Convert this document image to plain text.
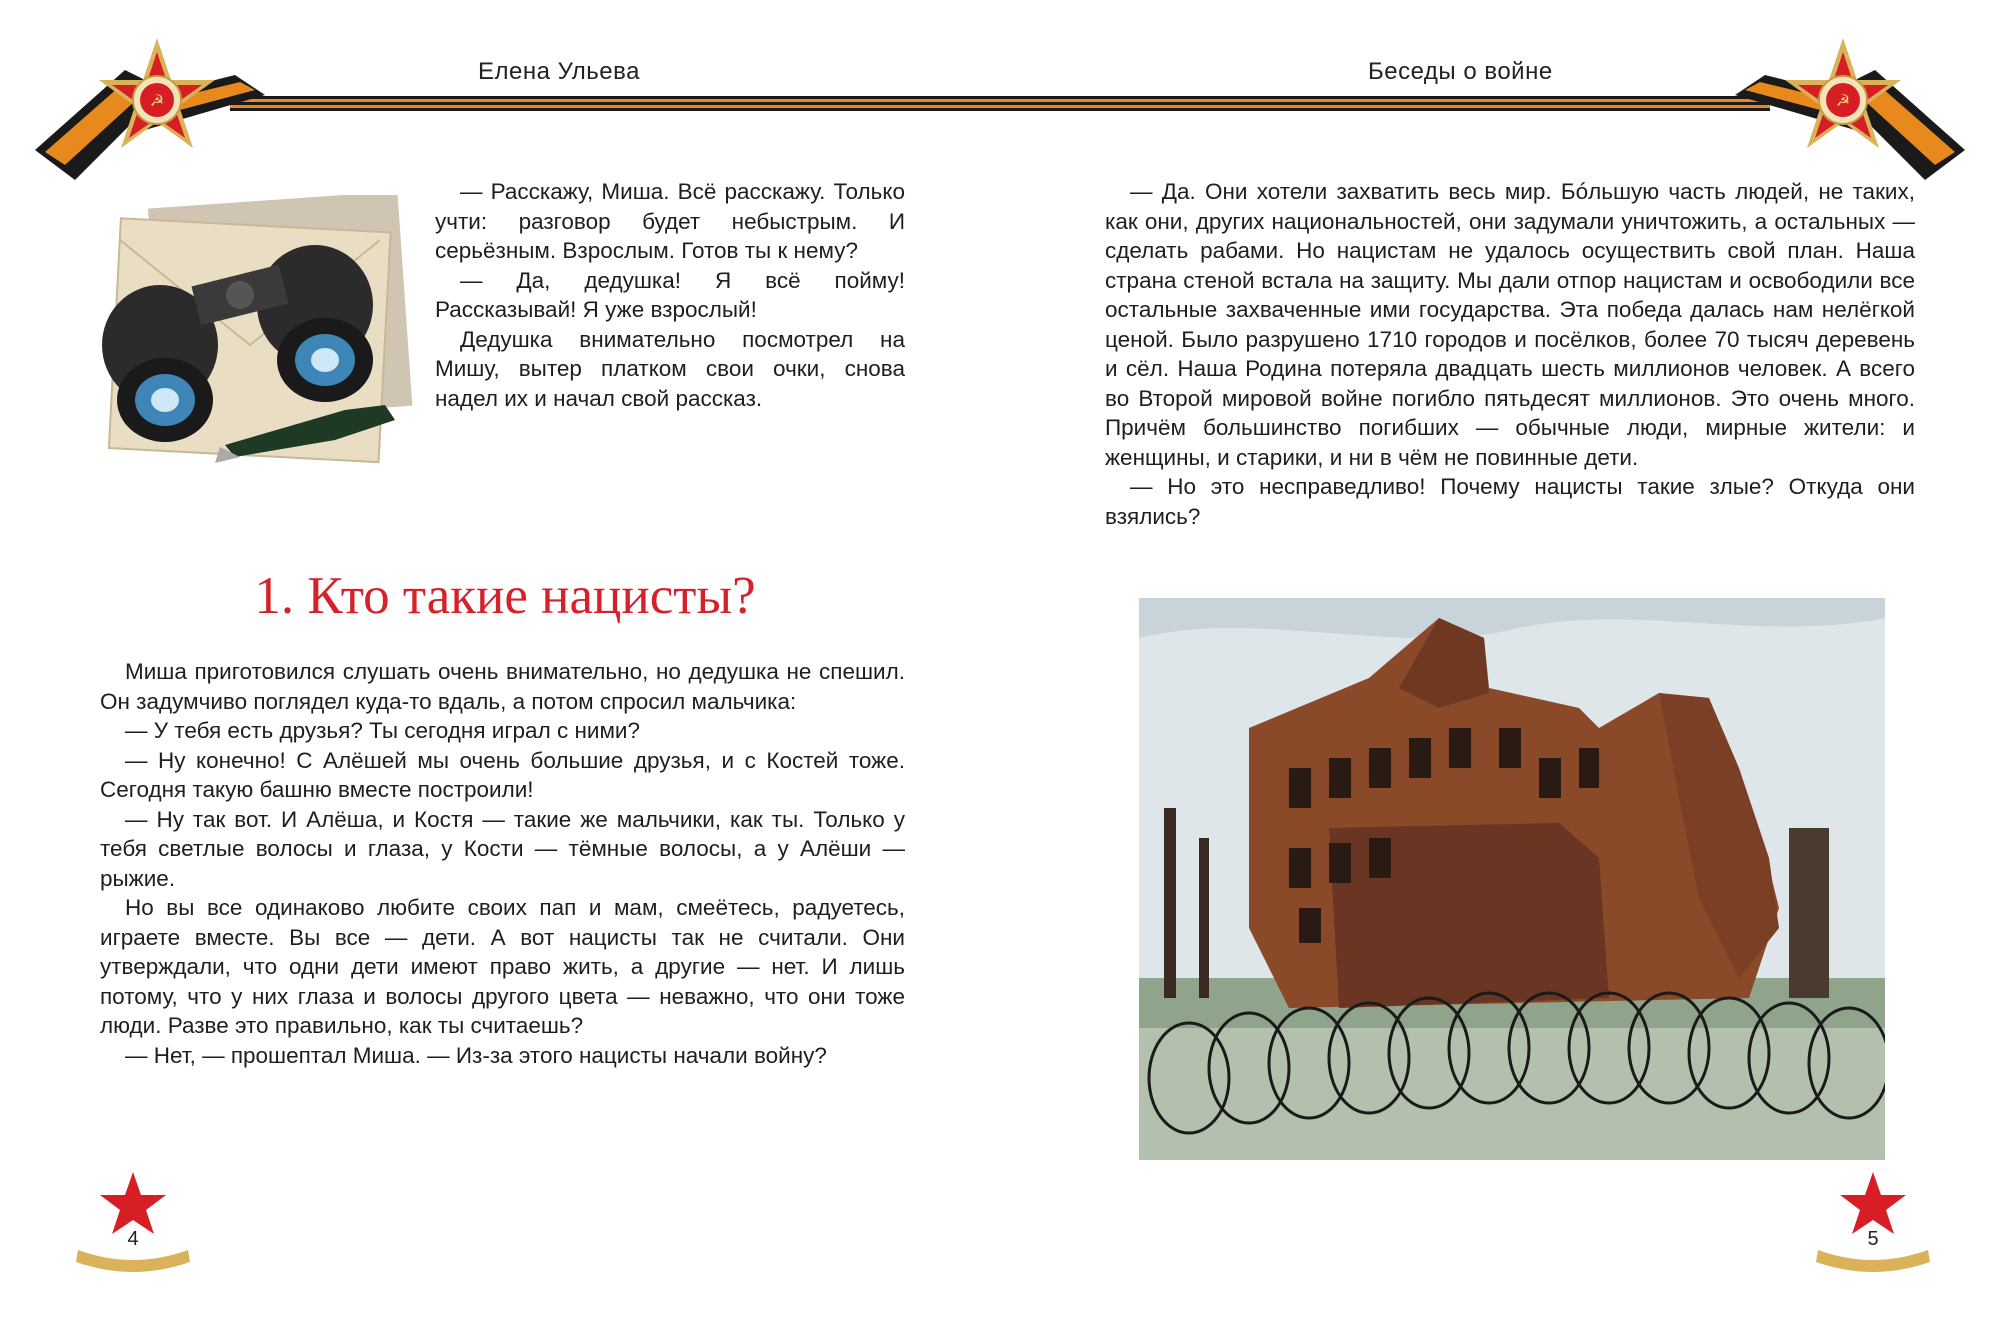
Елена Ульева	Беседы о войне
☭	☭

— Расскажу, Миша. Всё расскажу. Только учти: разговор будет небыстрым. И серьёзным. Взрослым. Готов ты к нему?

— Да, дедушка! Я всё пойму! Рассказывай! Я уже взрослый!

Дедушка внимательно посмотрел на Мишу, вытер платком свои очки, снова надел их и начал свой рассказ.

1. Кто такие нацисты?

Миша приготовился слушать очень внимательно, но дедушка не спешил. Он задумчиво поглядел куда-то вдаль, а потом спросил мальчика:

— У тебя есть друзья? Ты сегодня играл с ними?

— Ну конечно! С Алёшей мы очень большие друзья, и с Костей тоже. Сегодня такую башню вместе построили!

— Ну так вот. И Алёша, и Костя — такие же мальчики, как ты. Только у тебя светлые волосы и глаза, у Кости — тёмные волосы, а у Алёши — рыжие.

Но вы все одинаково любите своих пап и мам, смеётесь, радуетесь, играете вместе. Вы все — дети. А вот нацисты так не считали. Они утверждали, что одни дети имеют право жить, а другие — нет. И лишь потому, что у них глаза и волосы другого цвета — неважно, что они тоже люди. Разве это правильно, как ты считаешь?

— Нет, — прошептал Миша. — Из-за этого нацисты начали войну?

— Да. Они хотели захватить весь мир. Бóльшую часть людей, не таких, как они, других национальностей, они задумали уничтожить, а остальных — сделать рабами. Но нацистам не удалось осуществить свой план. Наша страна стеной встала на защиту. Мы дали отпор нацистам и освободили все остальные захваченные ими государства. Эта победа далась нам нелёгкой ценой. Было разрушено 1710 городов и посёлков, более 70 тысяч деревень и сёл. Наша Родина потеряла двадцать шесть миллионов человек. А всего во Второй мировой войне погибло пятьдесят миллионов. Это очень много. Причём большинство погибших — обычные люди, мирные жители: и женщины, и старики, и ни в чём не повинные дети.

— Но это несправедливо! Почему нацисты такие злые? Откуда они взялись?

4	5
